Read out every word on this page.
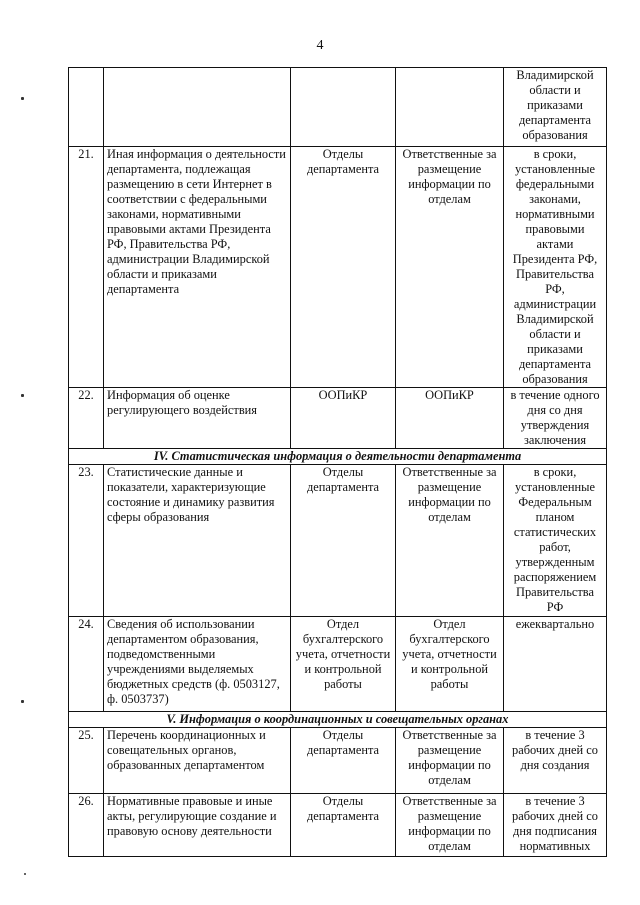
4
				Владимирской области и приказами департамента образования
21.	Иная информация о деятельности департамента, подлежащая размещению в сети Интернет в соответствии с федеральными законами, нормативными правовыми актами Президента РФ, Правительства РФ, администрации Владимирской области и приказами департамента	Отделы департамента	Ответственные за размещение информации по отделам	в сроки, установленные федеральными законами, нормативными правовыми актами Президента РФ, Правительства РФ, администрации Владимирской области и приказами департамента образования
22.	Информация об оценке регулирующего воздействия	ООПиКР	ООПиКР	в течение одного дня со дня утверждения заключения
IV. Статистическая информация о деятельности департамента				
23.	Статистические данные и показатели, характеризующие состояние и динамику развития сферы образования	Отделы департамента	Ответственные за размещение информации по отделам	в сроки, установленные Федеральным планом статистических работ, утвержденным распоряжением Правительства РФ
24.	Сведения об использовании департаментом образования, подведомственными учреждениями выделяемых бюджетных средств (ф. 0503127, ф. 0503737)	Отдел бухгалтерского учета, отчетности и контрольной работы	Отдел бухгалтерского учета, отчетности и контрольной работы	ежеквартально
V. Информация о координационных и совещательных органах				
25.	Перечень координационных и совещательных органов, образованных департаментом	Отделы департамента	Ответственные за размещение информации по отделам	в течение 3 рабочих дней со дня создания
26.	Нормативные правовые и иные акты, регулирующие создание и правовую основу деятельности	Отделы департамента	Ответственные за размещение информации по отделам	в течение 3 рабочих дней со дня подписания нормативных
